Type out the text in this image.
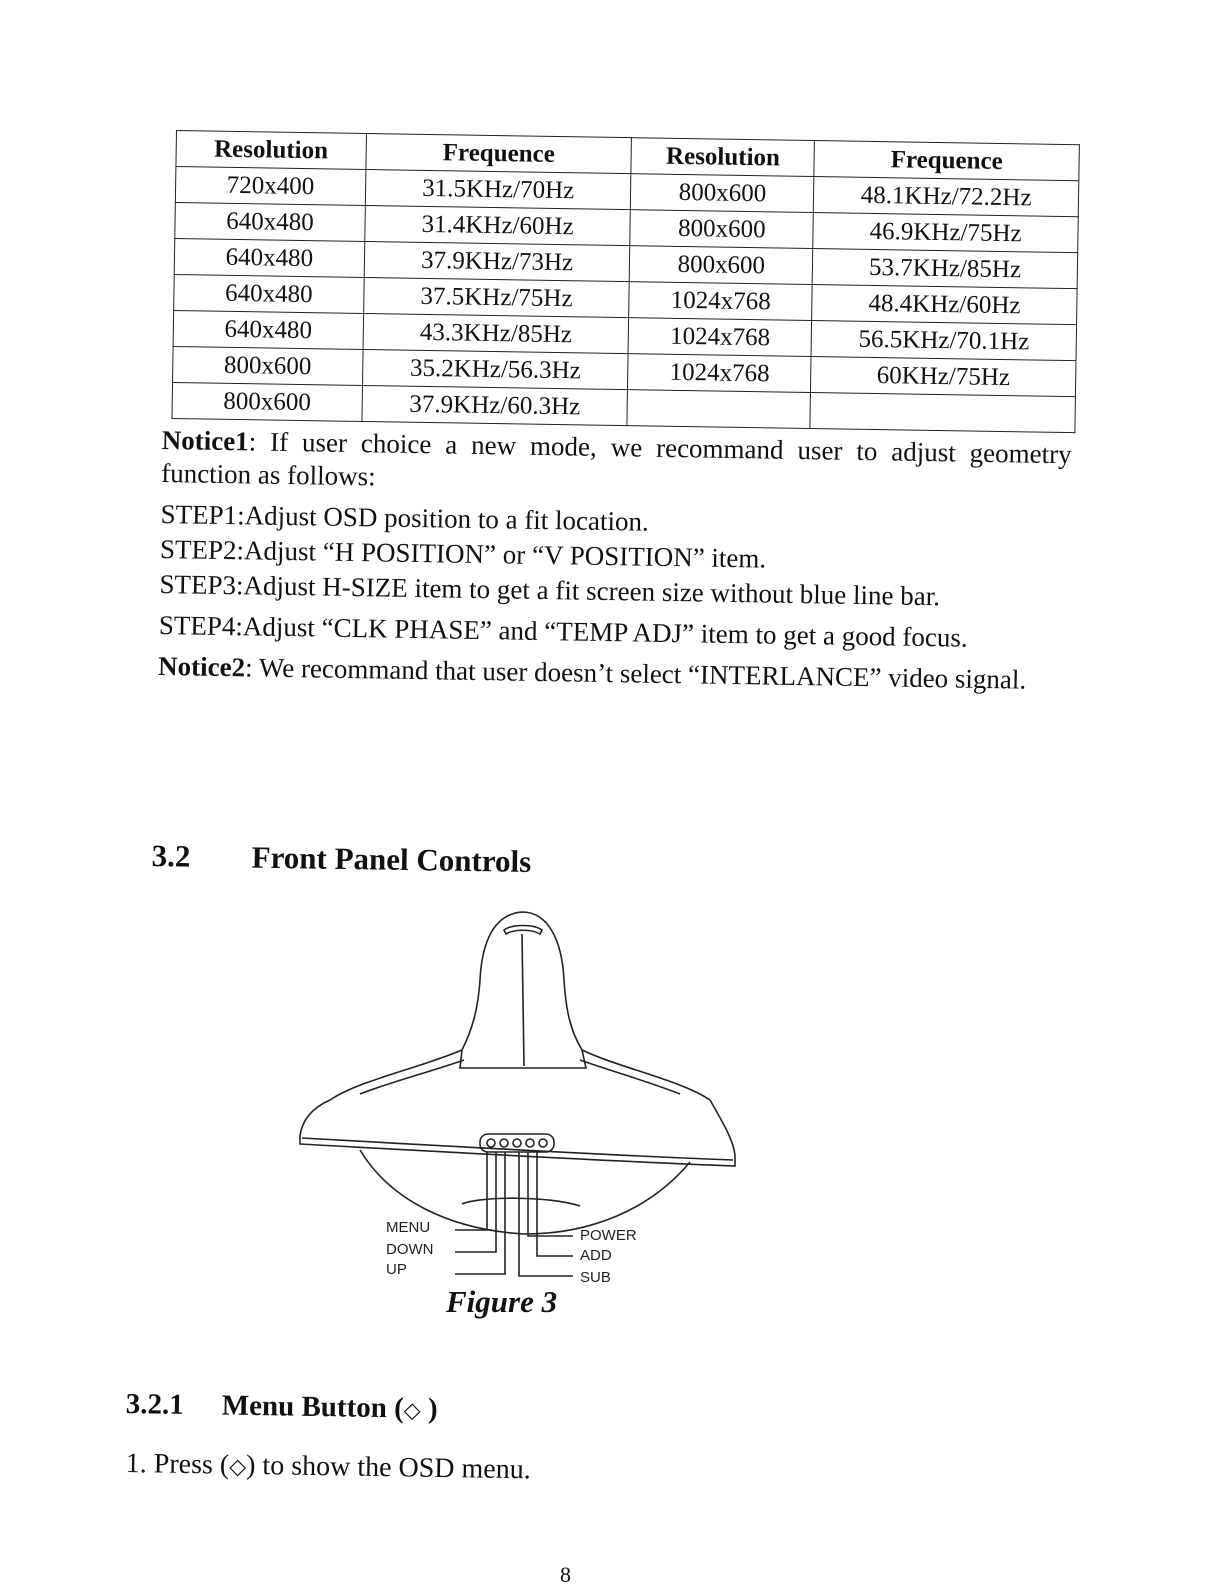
Resolution	Frequence	Resolution	Frequence
720x400	31.5KHz/70Hz	800x600	48.1KHz/72.2Hz
640x480	31.4KHz/60Hz	800x600	46.9KHz/75Hz
640x480	37.9KHz/73Hz	800x600	53.7KHz/85Hz
640x480	37.5KHz/75Hz	1024x768	48.4KHz/60Hz
640x480	43.3KHz/85Hz	1024x768	56.5KHz/70.1Hz
800x600	35.2KHz/56.3Hz	1024x768	60KHz/75Hz
800x600	37.9KHz/60.3Hz		

Notice1: If user choice a new mode, we recommand user to adjust geometry function as follows:

STEP1:Adjust OSD position to a fit location.

STEP2:Adjust “H POSITION” or “V POSITION” item.

STEP3:Adjust H-SIZE item to get a fit screen size without blue line bar.

STEP4:Adjust “CLK PHASE” and “TEMP ADJ” item to get a good focus.

Notice2: We recommand that user doesn’t select “INTERLANCE” video signal.

3.2 Front Panel Controls
MENU
DOWN
UP
POWER
ADD
SUB
Figure 3
3.2.1 Menu Button (◇ )
1. Press (◇) to show the OSD menu.
8
